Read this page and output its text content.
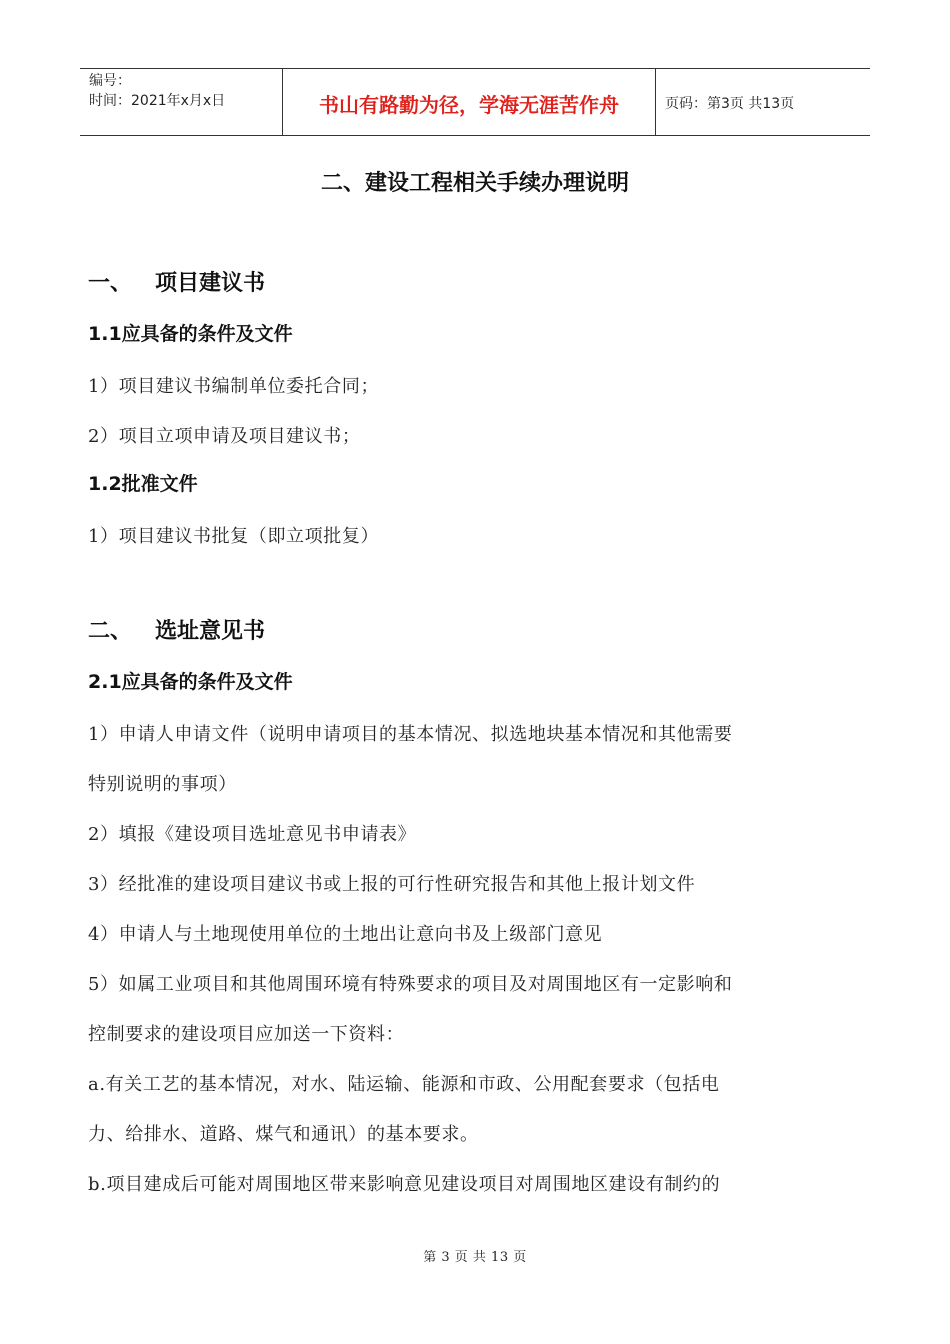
编号：
时间：2021年x月x日	书山有路勤为径，学海无涯苦作舟	页码：第3页 共13页
二、建设工程相关手续办理说明
一、	项目建议书
1.1应具备的条件及文件
1）项目建议书编制单位委托合同；
2）项目立项申请及项目建议书；
1.2批准文件
1）项目建议书批复（即立项批复）
二、	选址意见书
2.1应具备的条件及文件
1）申请人申请文件（说明申请项目的基本情况、拟选地块基本情况和其他需要
特别说明的事项）
2）填报《建设项目选址意见书申请表》
3）经批准的建设项目建议书或上报的可行性研究报告和其他上报计划文件
4）申请人与土地现使用单位的土地出让意向书及上级部门意见
5）如属工业项目和其他周围环境有特殊要求的项目及对周围地区有一定影响和
控制要求的建设项目应加送一下资料：
a.有关工艺的基本情况，对水、陆运输、能源和市政、公用配套要求（包括电
力、给排水、道路、煤气和通讯）的基本要求。
b.项目建成后可能对周围地区带来影响意见建设项目对周围地区建设有制约的
第 3 页 共 13 页
